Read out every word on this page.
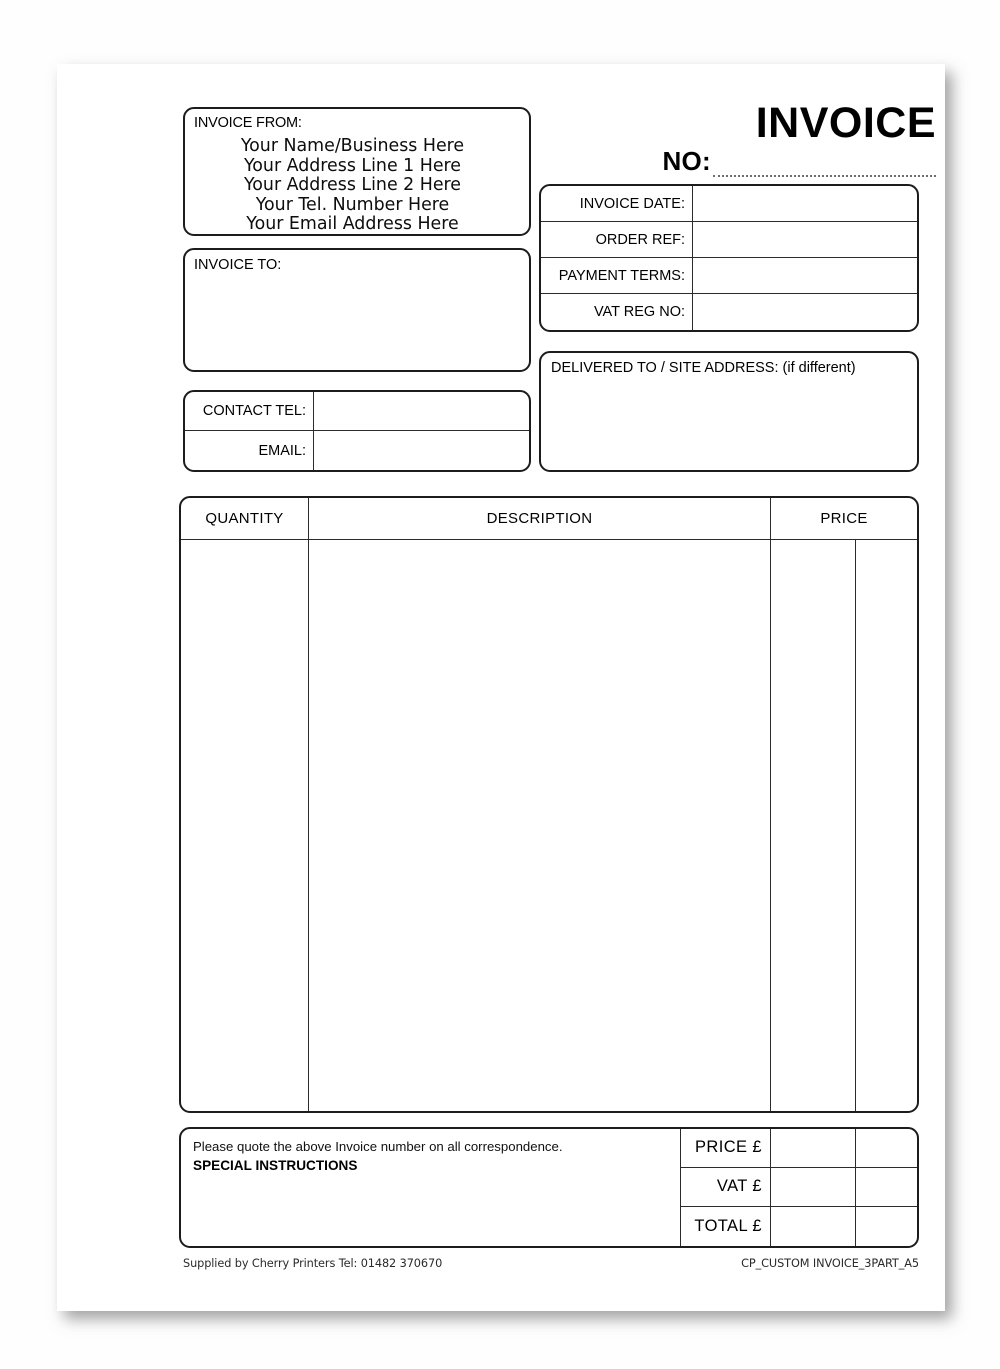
INVOICE FROM:
Your Name/Business Here
Your Address Line 1 Here
Your Address Line 2 Here
Your Tel. Number Here
Your Email Address Here
INVOICE
NO:
INVOICE DATE:
ORDER REF:
PAYMENT TERMS:
VAT REG NO:
INVOICE TO:
CONTACT TEL:
EMAIL:
DELIVERED TO / SITE ADDRESS: (if different)
QUANTITY	DESCRIPTION	PRICE
Please quote the above Invoice number on all correspondence.
SPECIAL INSTRUCTIONS
PRICE £
VAT £
TOTAL £
Supplied by Cherry Printers Tel: 01482 370670	CP_CUSTOM INVOICE_3PART_A5
